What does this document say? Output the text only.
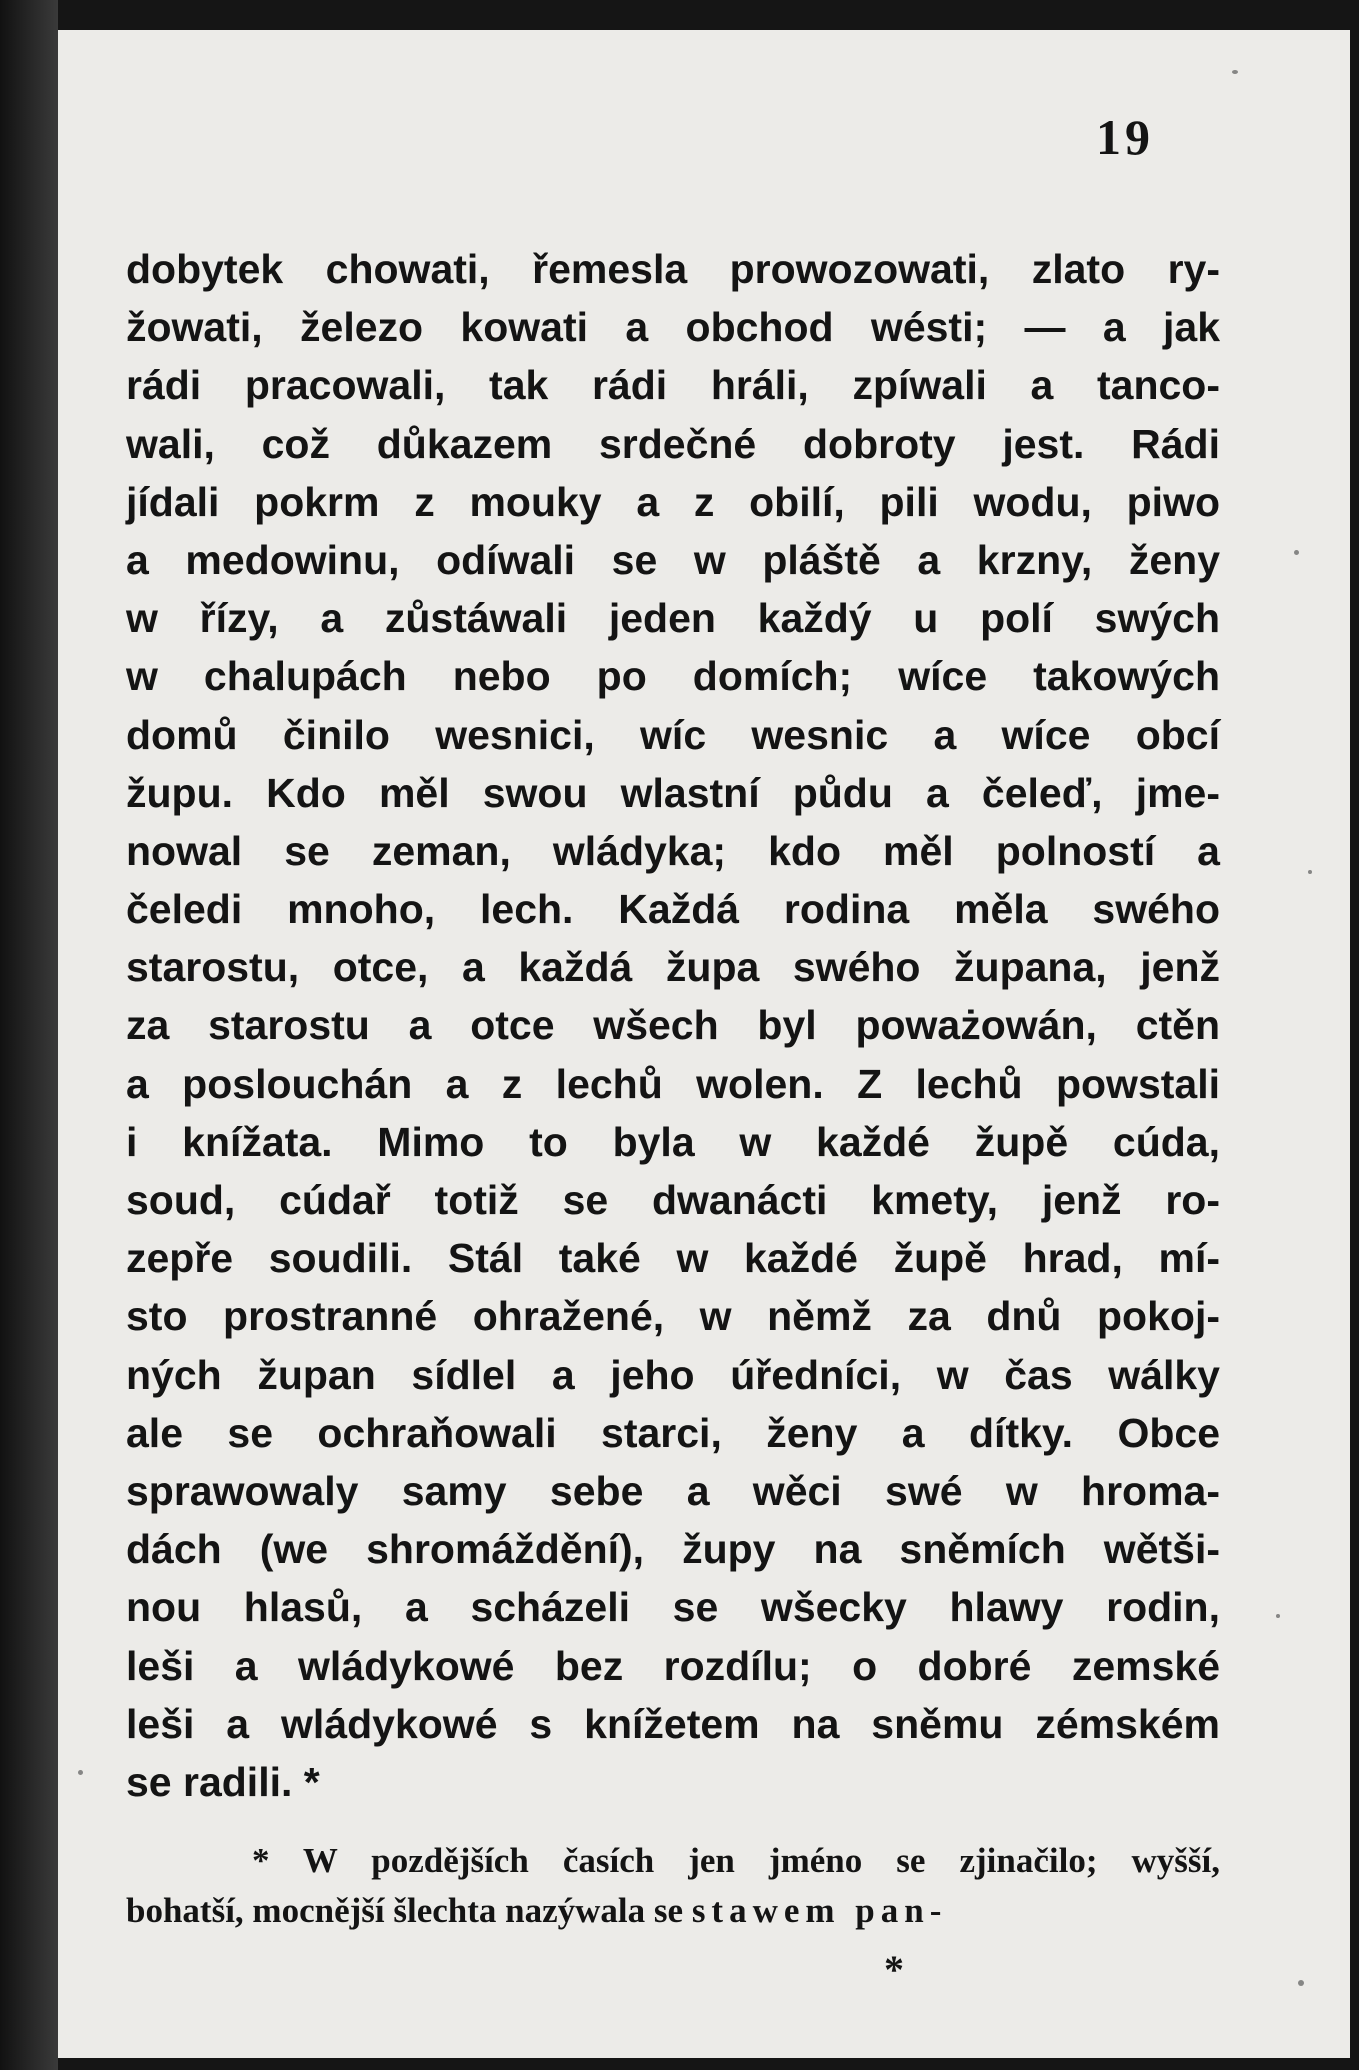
19
dobytek chowati, řemesla prowozowati, zlato ry-
žowati, železo kowati a obchod wésti; — a jak
rádi pracowali, tak rádi hráli, zpíwali a tanco-
wali, což důkazem srdečné dobroty jest. Rádi
jídali pokrm z mouky a z obilí, pili wodu, piwo
a medowinu, odíwali se w pláště a krzny, ženy
w řízy, a zůstáwali jeden každý u polí swých
w chalupách nebo po domích; wíce takowých
domů činilo wesnici, wíc wesnic a wíce obcí
župu. Kdo měl swou wlastní půdu a čeleď, jme-
nowal se zeman, wládyka; kdo měl polností a
čeledi mnoho, lech. Každá rodina měla swého
starostu, otce, a každá župa swého župana, jenž
za starostu a otce wšech byl poważowán, ctěn
a poslouchán a z lechů wolen. Z lechů powstali
i knížata. Mimo to byla w každé župě cúda,
soud, cúdař totiž se dwanácti kmety, jenž ro-
zepře soudili. Stál také w každé župě hrad, mí-
sto prostranné ohražené, w němž za dnů pokoj-
ných župan sídlel a jeho úředníci, w čas wálky
ale se ochraňowali starci, ženy a dítky. Obce
sprawowaly samy sebe a wěci swé w hroma-
dách (we shromáždění), župy na sněmích wětši-
nou hlasů, a scházeli se wšecky hlawy rodin,
leši a wládykowé bez rozdílu; o dobré zemské
leši a wládykowé s knížetem na sněmu zémském
se radili. *
* W pozdějších časích jen jméno se zjinačilo; wyšší,
bohatší, mocnější šlechta nazýwala se stawem pan-
*
